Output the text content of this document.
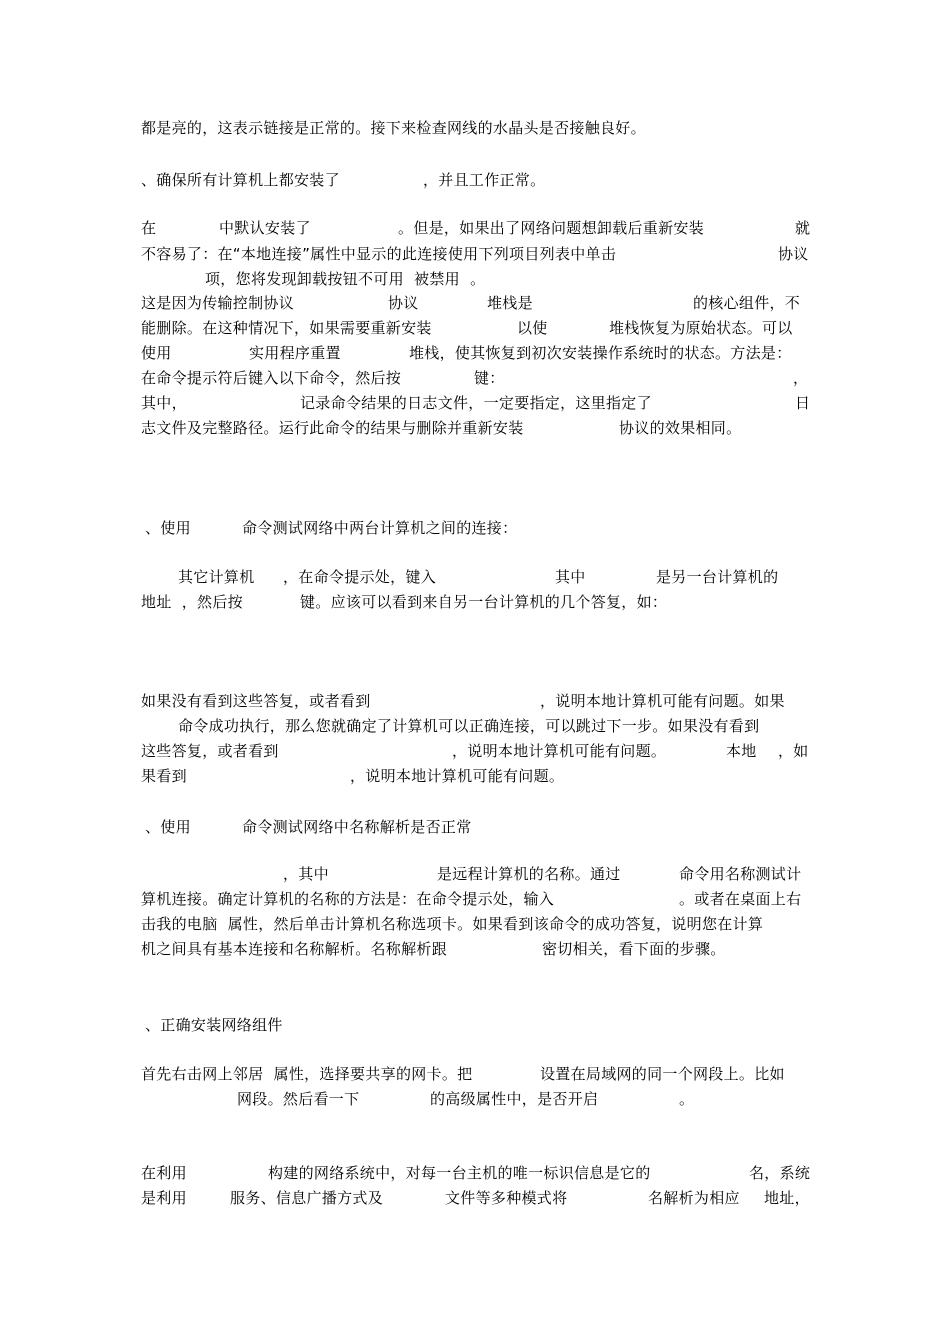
都是亮的，这表示链接是正常的。接下来检查网线的水晶头是否接触良好。
、确保所有计算机上都安装了	，并且工作正常。
在	中默认安装了	。但是，如果出了网络问题想卸载后重新安装	就
不容易了：在“本地连接”属性中显示的此连接使用下列项目列表中单击	协议
项，您将发现卸载按钮不可用  被禁用  。
这是因为传输控制协议	协议	堆栈是	的核心组件，不
能删除。在这种情况下，如果需要重新安装	以使	堆栈恢复为原始状态。可以
使用	实用程序重置	堆栈，使其恢复到初次安装操作系统时的状态。方法是：
在命令提示符后键入以下命令，然后按	键：	，
其中，	记录命令结果的日志文件，一定要指定，这里指定了	日
志文件及完整路径。运行此命令的结果与删除并重新安装	协议的效果相同。
、使用	命令测试网络中两台计算机之间的连接：
其它计算机 ，在命令提示处，键入	其中	是另一台计算机的
地址  ，然后按	键。应该可以看到来自另一台计算机的几个答复，如：
如果没有看到这些答复，或者看到	，说明本地计算机可能有问题。如果
命令成功执行，那么您就确定了计算机可以正确连接，可以跳过下一步。如果没有看到
这些答复，或者看到	，说明本地计算机可能有问题。	本地 ，如
果看到	，说明本地计算机可能有问题。
、使用	命令测试网络中名称解析是否正常
，其中	是远程计算机的名称。通过	命令用名称测试计
算机连接。确定计算机的名称的方法是：在命令提示处，输入	。或者在桌面上右
击我的电脑  属性，然后单击计算机名称选项卡。如果看到该命令的成功答复，说明您在计算
机之间具有基本连接和名称解析。名称解析跟	密切相关，看下面的步骤。
、正确安装网络组件
首先右击网上邻居  属性，选择要共享的网卡。把	设置在局域网的同一个网段上。比如
网段。然后看一下	的高级属性中，是否开启	。
在利用	构建的网络系统中，对每一台主机的唯一标识信息是它的	名，系统
是利用	服务、信息广播方式及	文件等多种模式将	名解析为相应 地址，
